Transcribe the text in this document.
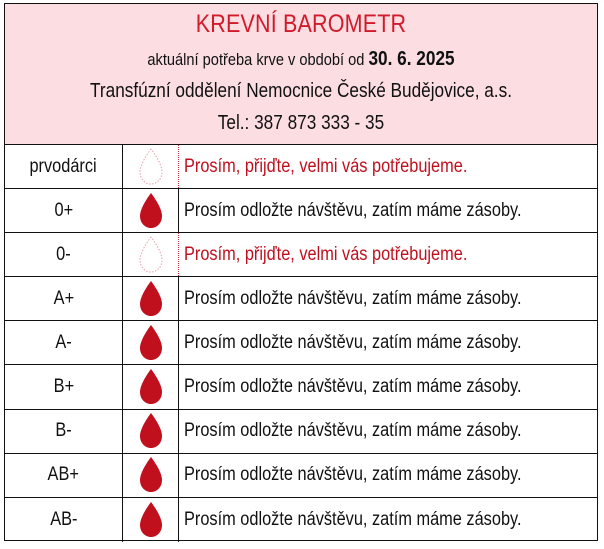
KREVNÍ BAROMETR
aktuální potřeba krve v období od 30. 6. 2025
Transfúzní oddělení Nemocnice České Budějovice, a.s.
Tel.: 387 873 333 - 35
prvodárci	Prosím, přijďte, velmi vás potřebujeme.
0+	Prosím odložte návštěvu, zatím máme zásoby.
0-	Prosím, přijďte, velmi vás potřebujeme.
A+	Prosím odložte návštěvu, zatím máme zásoby.
A-	Prosím odložte návštěvu, zatím máme zásoby.
B+	Prosím odložte návštěvu, zatím máme zásoby.
B-	Prosím odložte návštěvu, zatím máme zásoby.
AB+	Prosím odložte návštěvu, zatím máme zásoby.
AB-	Prosím odložte návštěvu, zatím máme zásoby.
